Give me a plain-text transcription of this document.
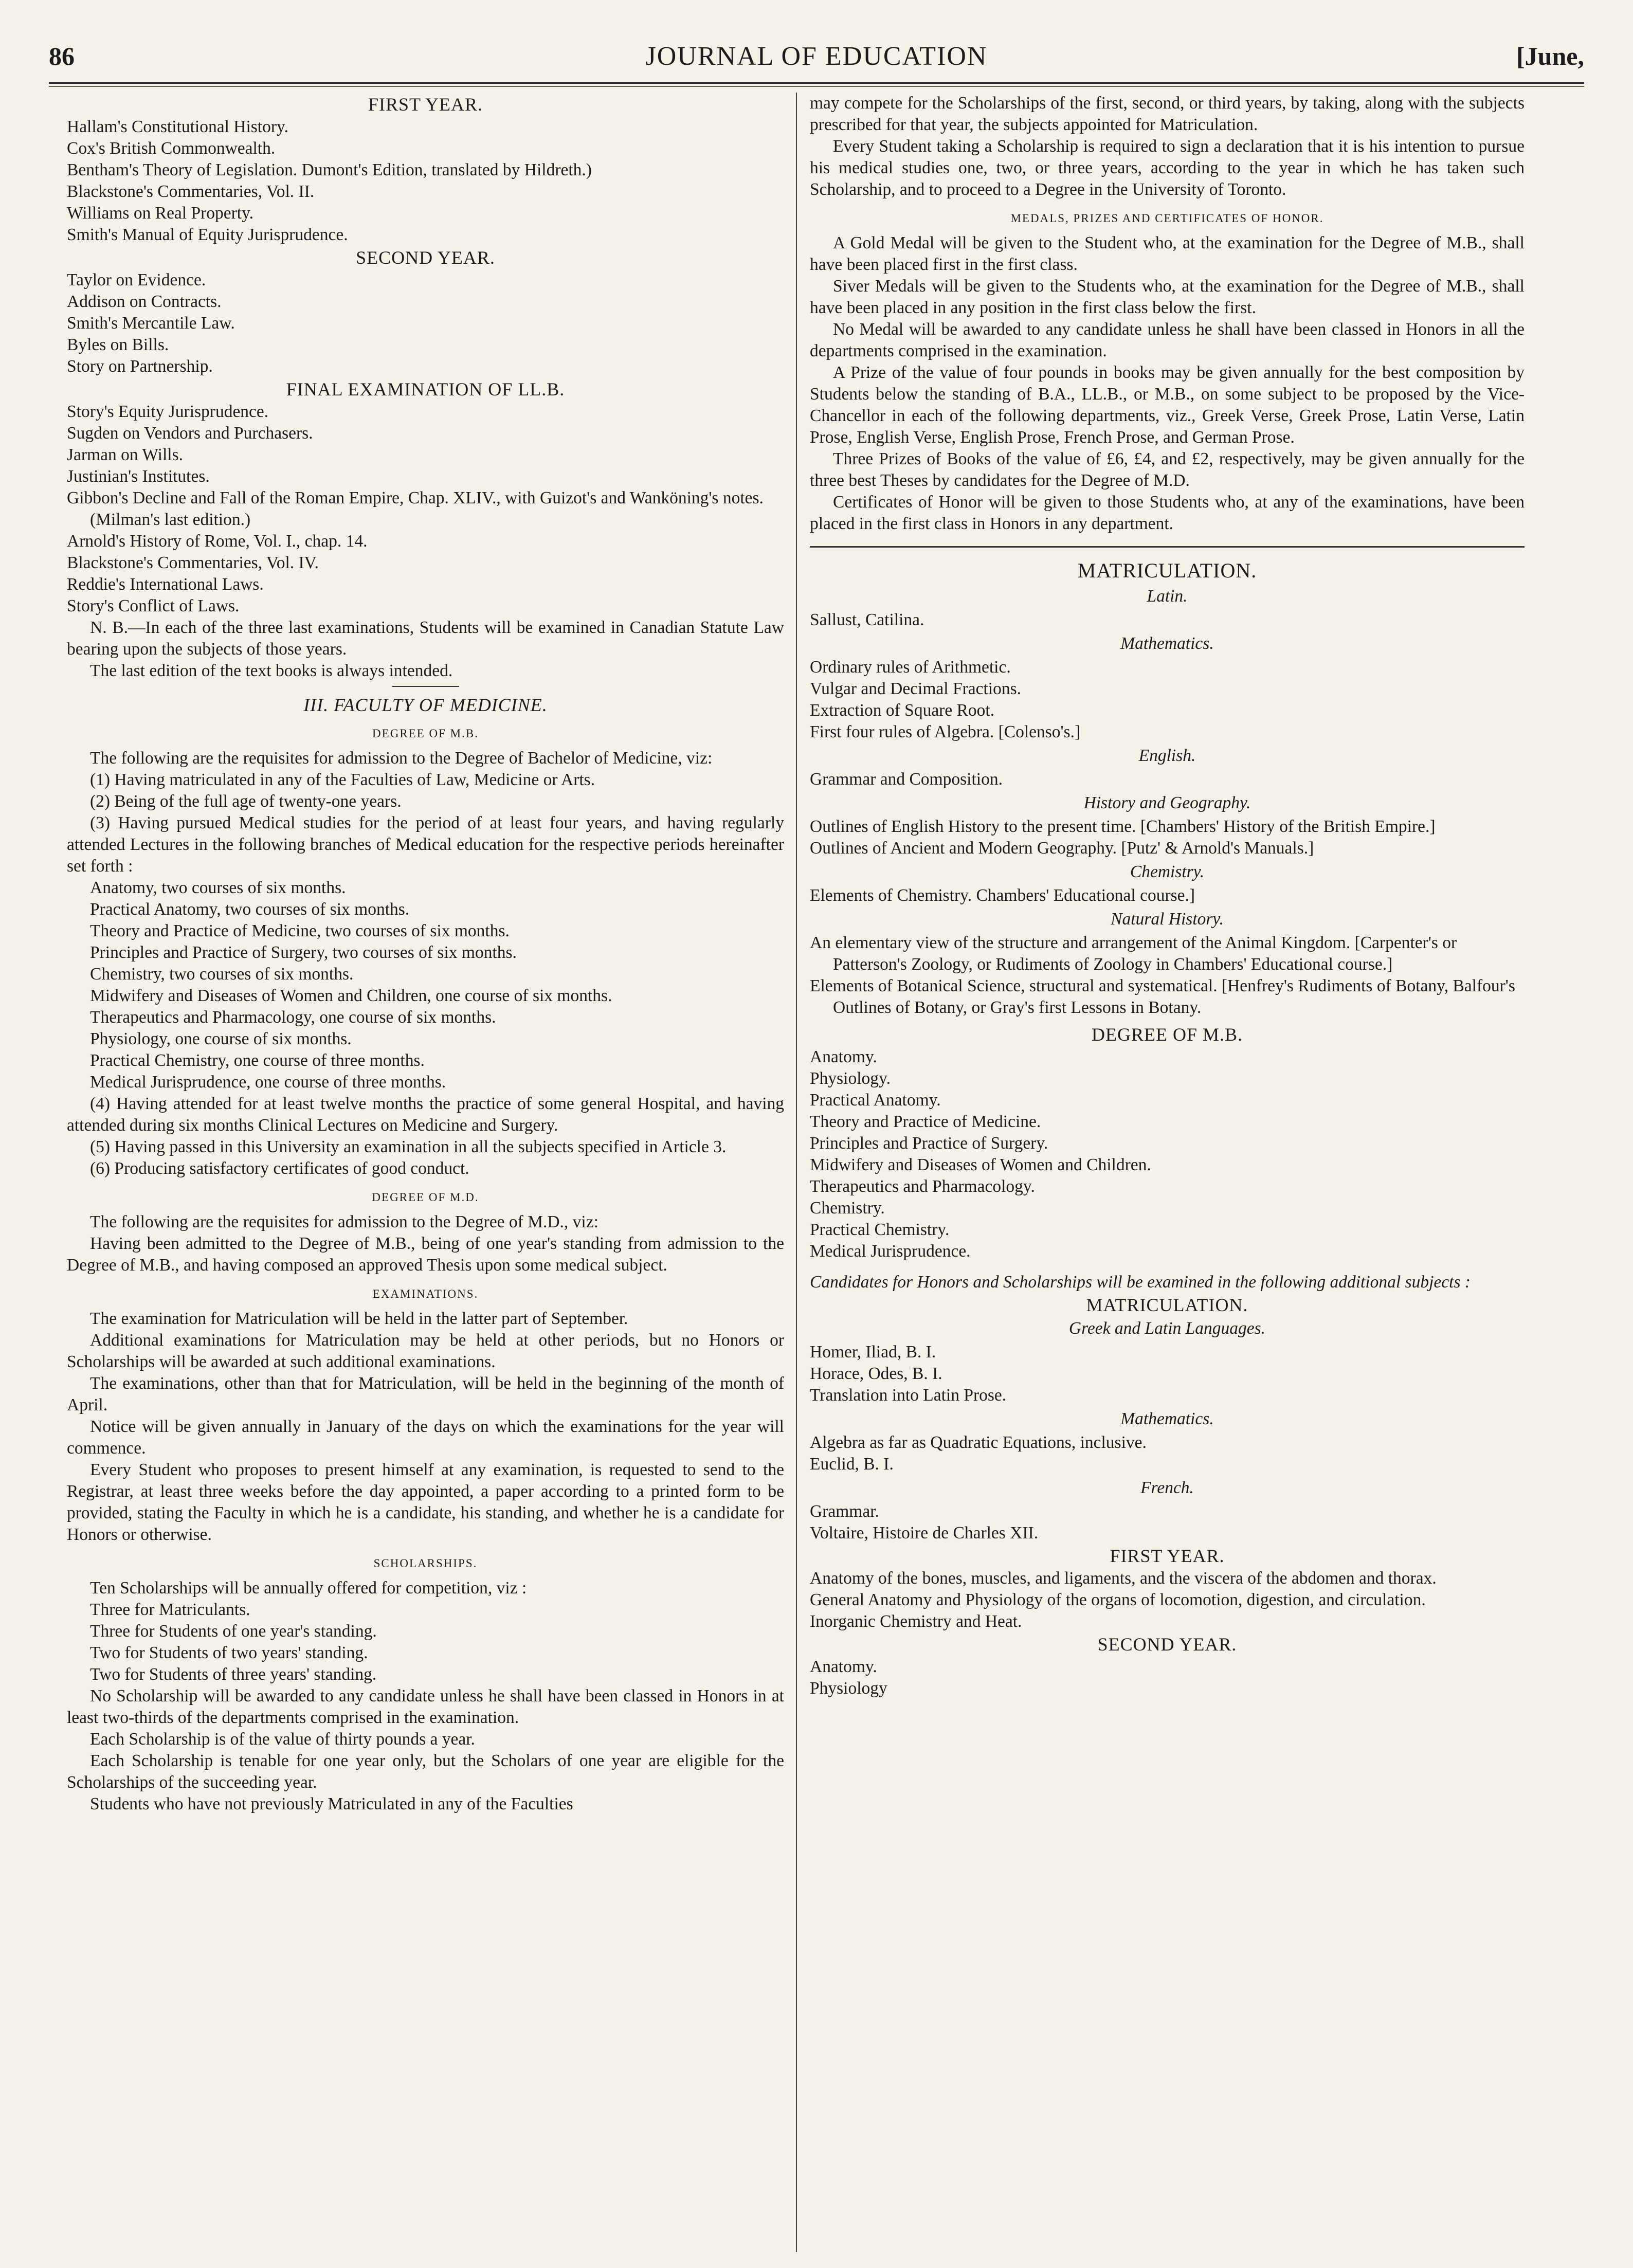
86	JOURNAL OF EDUCATION	[June,

FIRST YEAR.

Hallam's Constitutional History.

Cox's British Commonwealth.

Bentham's Theory of Legislation. Dumont's Edition, translated by Hildreth.)

Blackstone's Commentaries, Vol. II.

Williams on Real Property.

Smith's Manual of Equity Jurisprudence.

SECOND YEAR.

Taylor on Evidence.

Addison on Contracts.

Smith's Mercantile Law.

Byles on Bills.

Story on Partnership.

FINAL EXAMINATION OF LL.B.

Story's Equity Jurisprudence.

Sugden on Vendors and Purchasers.

Jarman on Wills.

Justinian's Institutes.

Gibbon's Decline and Fall of the Roman Empire, Chap. XLIV., with Guizot's and Wanköning's notes. (Milman's last edition.)

Arnold's History of Rome, Vol. I., chap. 14.

Blackstone's Commentaries, Vol. IV.

Reddie's International Laws.

Story's Conflict of Laws.

N. B.—In each of the three last examinations, Students will be examined in Canadian Statute Law bearing upon the subjects of those years.

The last edition of the text books is always intended.

III. FACULTY OF MEDICINE.

DEGREE OF M.B.

The following are the requisites for admission to the Degree of Bachelor of Medicine, viz:

(1) Having matriculated in any of the Faculties of Law, Medicine or Arts.

(2) Being of the full age of twenty-one years.

(3) Having pursued Medical studies for the period of at least four years, and having regularly attended Lectures in the following branches of Medical education for the respective periods hereinafter set forth :

Anatomy, two courses of six months.

Practical Anatomy, two courses of six months.

Theory and Practice of Medicine, two courses of six months.

Principles and Practice of Surgery, two courses of six months.

Chemistry, two courses of six months.

Midwifery and Diseases of Women and Children, one course of six months.

Therapeutics and Pharmacology, one course of six months.

Physiology, one course of six months.

Practical Chemistry, one course of three months.

Medical Jurisprudence, one course of three months.

(4) Having attended for at least twelve months the practice of some general Hospital, and having attended during six months Clinical Lectures on Medicine and Surgery.

(5) Having passed in this University an examination in all the subjects specified in Article 3.

(6) Producing satisfactory certificates of good conduct.

DEGREE OF M.D.

The following are the requisites for admission to the Degree of M.D., viz:

Having been admitted to the Degree of M.B., being of one year's standing from admission to the Degree of M.B., and having composed an approved Thesis upon some medical subject.

EXAMINATIONS.

The examination for Matriculation will be held in the latter part of September.

Additional examinations for Matriculation may be held at other periods, but no Honors or Scholarships will be awarded at such additional examinations.

The examinations, other than that for Matriculation, will be held in the beginning of the month of April.

Notice will be given annually in January of the days on which the examinations for the year will commence.

Every Student who proposes to present himself at any examination, is requested to send to the Registrar, at least three weeks before the day appointed, a paper according to a printed form to be provided, stating the Faculty in which he is a candidate, his standing, and whether he is a candidate for Honors or otherwise.

SCHOLARSHIPS.

Ten Scholarships will be annually offered for competition, viz :

Three for Matriculants.

Three for Students of one year's standing.

Two for Students of two years' standing.

Two for Students of three years' standing.

No Scholarship will be awarded to any candidate unless he shall have been classed in Honors in at least two-thirds of the departments comprised in the examination.

Each Scholarship is of the value of thirty pounds a year.

Each Scholarship is tenable for one year only, but the Scholars of one year are eligible for the Scholarships of the succeeding year.

Students who have not previously Matriculated in any of the Faculties

may compete for the Scholarships of the first, second, or third years, by taking, along with the subjects prescribed for that year, the subjects appointed for Matriculation.

Every Student taking a Scholarship is required to sign a declaration that it is his intention to pursue his medical studies one, two, or three years, according to the year in which he has taken such Scholarship, and to proceed to a Degree in the University of Toronto.

MEDALS, PRIZES AND CERTIFICATES OF HONOR.

A Gold Medal will be given to the Student who, at the examination for the Degree of M.B., shall have been placed first in the first class.

Siver Medals will be given to the Students who, at the examination for the Degree of M.B., shall have been placed in any position in the first class below the first.

No Medal will be awarded to any candidate unless he shall have been classed in Honors in all the departments comprised in the examination.

A Prize of the value of four pounds in books may be given annually for the best composition by Students below the standing of B.A., LL.B., or M.B., on some subject to be proposed by the Vice-Chancellor in each of the following departments, viz., Greek Verse, Greek Prose, Latin Verse, Latin Prose, English Verse, English Prose, French Prose, and German Prose.

Three Prizes of Books of the value of £6, £4, and £2, respectively, may be given annually for the three best Theses by candidates for the Degree of M.D.

Certificates of Honor will be given to those Students who, at any of the examinations, have been placed in the first class in Honors in any department.

MATRICULATION.

Latin.

Sallust, Catilina.

Mathematics.

Ordinary rules of Arithmetic.

Vulgar and Decimal Fractions.

Extraction of Square Root.

First four rules of Algebra. [Colenso's.]

English.

Grammar and Composition.

History and Geography.

Outlines of English History to the present time. [Chambers' History of the British Empire.]

Outlines of Ancient and Modern Geography. [Putz' & Arnold's Manuals.]

Chemistry.

Elements of Chemistry. Chambers' Educational course.]

Natural History.

An elementary view of the structure and arrangement of the Animal Kingdom. [Carpenter's or Patterson's Zoology, or Rudiments of Zoology in Chambers' Educational course.]

Elements of Botanical Science, structural and systematical. [Henfrey's Rudiments of Botany, Balfour's Outlines of Botany, or Gray's first Lessons in Botany.

DEGREE OF M.B.

Anatomy.

Physiology.

Practical Anatomy.

Theory and Practice of Medicine.

Principles and Practice of Surgery.

Midwifery and Diseases of Women and Children.

Therapeutics and Pharmacology.

Chemistry.

Practical Chemistry.

Medical Jurisprudence.

Candidates for Honors and Scholarships will be examined in the following additional subjects :

MATRICULATION.

Greek and Latin Languages.

Homer, Iliad, B. I.

Horace, Odes, B. I.

Translation into Latin Prose.

Mathematics.

Algebra as far as Quadratic Equations, inclusive.

Euclid, B. I.

French.

Grammar.

Voltaire, Histoire de Charles XII.

FIRST YEAR.

Anatomy of the bones, muscles, and ligaments, and the viscera of the abdomen and thorax.

General Anatomy and Physiology of the organs of locomotion, digestion, and circulation.

Inorganic Chemistry and Heat.

SECOND YEAR.

Anatomy.

Physiology
